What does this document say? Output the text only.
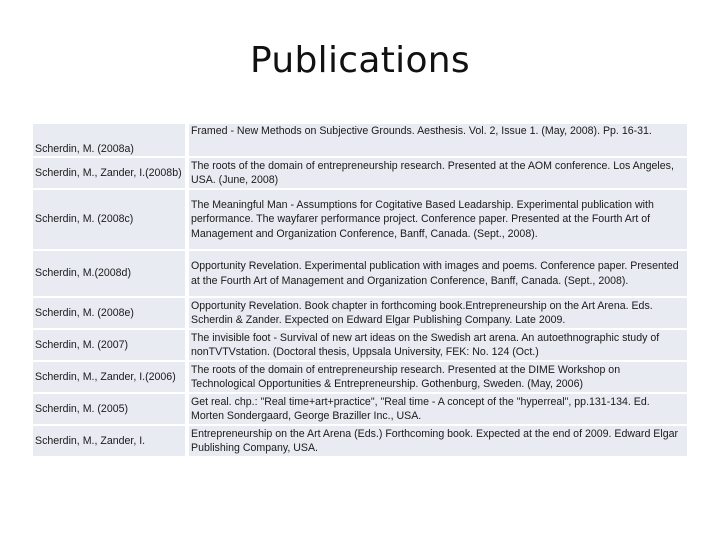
Publications
Scherdin, M. (2008a)		Framed - New Methods on Subjective Grounds. Aesthesis. Vol. 2, Issue 1. (May, 2008). Pp. 16-31.
Scherdin, M., Zander, I.(2008b)		The roots of the domain of entrepreneurship research. Presented at the AOM conference. Los Angeles, USA. (June, 2008)
Scherdin, M. (2008c)		The Meaningful Man - Assumptions for Cogitative Based Leadarship. Experimental publication with performance. The wayfarer performance project. Conference paper. Presented at the Fourth Art of Management and Organization Conference, Banff, Canada. (Sept., 2008).
Scherdin, M.(2008d)		Opportunity Revelation. Experimental publication with images and poems. Conference paper. Presented at the Fourth Art of Management and Organization Conference, Banff, Canada. (Sept., 2008).
Scherdin, M. (2008e)		Opportunity Revelation. Book chapter in forthcoming book.Entrepreneurship on the Art Arena. Eds. Scherdin & Zander. Expected on Edward Elgar Publishing Company. Late 2009.
Scherdin, M. (2007)		The invisible foot - Survival of new art ideas on the Swedish art arena. An autoethnographic study of nonTVTVstation. (Doctoral thesis, Uppsala University, FEK: No. 124 (Oct.)
Scherdin, M., Zander, I.(2006)		The roots of the domain of entrepreneurship research. Presented at the DIME Workshop on Technological Opportunities & Entrepreneurship. Gothenburg, Sweden. (May, 2006)
Scherdin, M. (2005)		Get real. chp.: "Real time+art+practice", "Real time - A concept of the "hyperreal", pp.131-134. Ed. Morten Sondergaard, George Braziller Inc., USA.
Scherdin, M., Zander, I.		Entrepreneurship on the Art Arena (Eds.) Forthcoming book. Expected at the end of 2009. Edward Elgar Publishing Company, USA.
